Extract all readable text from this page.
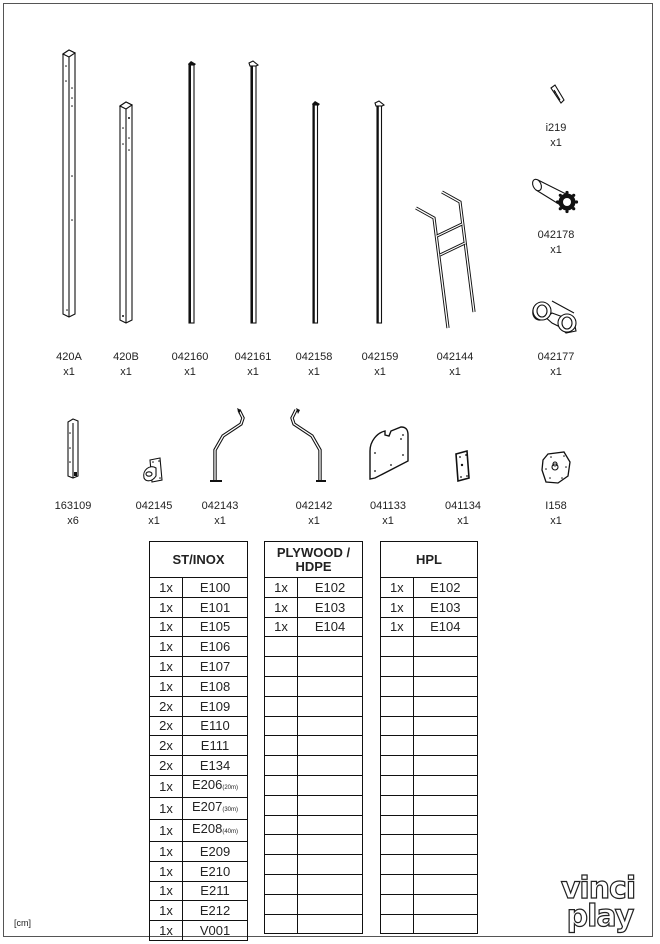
420A
x1
420B
x1
042160
x1
042161
x1
042158
x1
042159
x1
042144
x1
042177
x1
i219
x1
042178
x1
163109
x6
042145
x1
042143
x1
042142
x1
041133
x1
041134
x1
I158
x1
ST/INOX	
1x	E100
1x	E101
1x	E105
1x	E106
1x	E107
1x	E108
2x	E109
2x	E110
2x	E111
2x	E134
1x	E206(20m)
1x	E207(30m)
1x	E208(40m)
1x	E209
1x	E210
1x	E211
1x	E212
1x	V001
PLYWOOD /
HDPE	

1x	E102
1x	E103
1x	E104

HPL	
1x	E102
1x	E103
1x	E104

[cm]
vinci
play
